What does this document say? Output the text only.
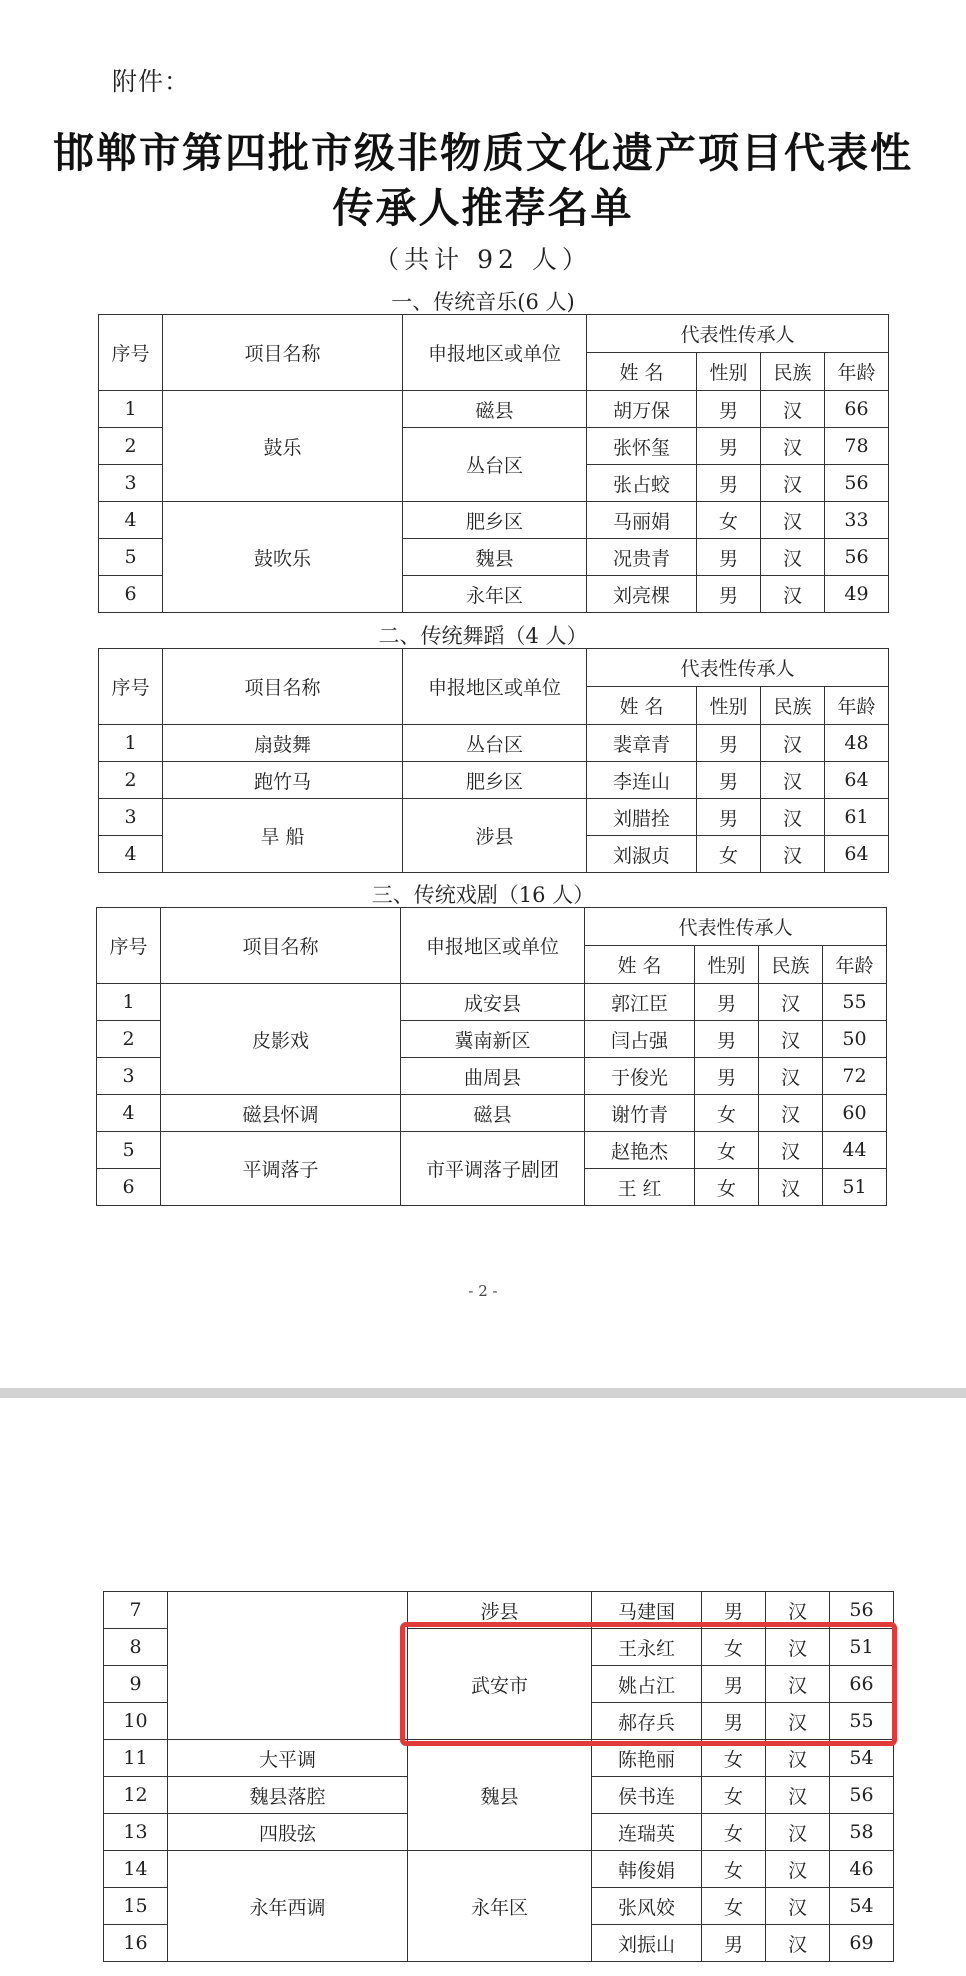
附件：
邯郸市第四批市级非物质文化遗产项目代表性
传承人推荐名单
（共计 92 人）
一、传统音乐(6 人)
序号	项目名称	申报地区或单位	代表性传承人			
			姓 名	性别	民族	年龄
1	鼓乐	磁县	胡万保	男	汉	66
2		丛台区	张怀玺	男	汉	78
3			张占蛟	男	汉	56
4	鼓吹乐	肥乡区	马丽娟	女	汉	33
5		魏县	况贵青	男	汉	56
6		永年区	刘亮棵	男	汉	49
二、传统舞蹈（4 人）
序号	项目名称	申报地区或单位	代表性传承人			
			姓 名	性别	民族	年龄
1	扇鼓舞	丛台区	裴章青	男	汉	48
2	跑竹马	肥乡区	李连山	男	汉	64
3	旱 船	涉县	刘腊拴	男	汉	61
4			刘淑贞	女	汉	64
三、传统戏剧（16 人）
序号	项目名称	申报地区或单位	代表性传承人			
			姓 名	性别	民族	年龄
1	皮影戏	成安县	郭江臣	男	汉	55
2		冀南新区	闫占强	男	汉	50
3		曲周县	于俊光	男	汉	72
4	磁县怀调	磁县	谢竹青	女	汉	60
5	平调落子	市平调落子剧团	赵艳杰	女	汉	44
6			王 红	女	汉	51
- 2 -
7		涉县	马建国	男	汉	56
8		武安市	王永红	女	汉	51
9			姚占江	男	汉	66
10			郝存兵	男	汉	55
11	大平调	魏县	陈艳丽	女	汉	54
12	魏县落腔		侯书连	女	汉	56
13	四股弦		连瑞英	女	汉	58
14	永年西调	永年区	韩俊娟	女	汉	46
15			张风姣	女	汉	54
16			刘振山	男	汉	69
